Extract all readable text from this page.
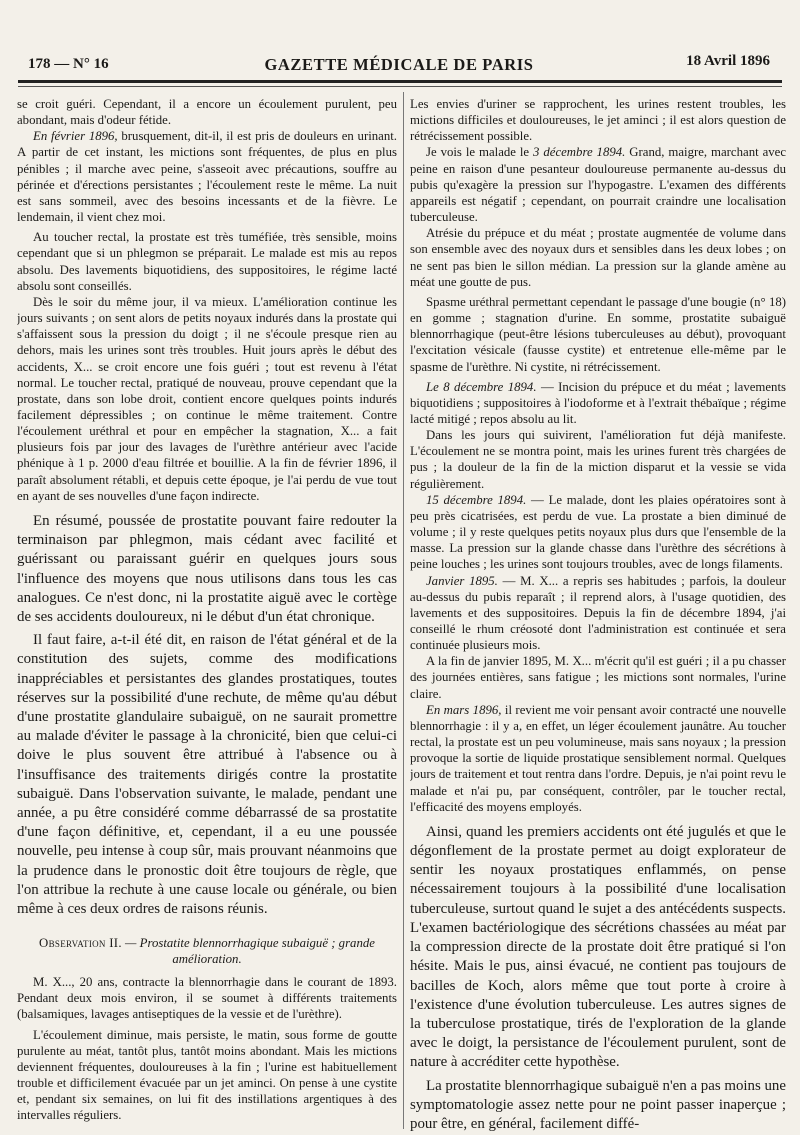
178 — N° 16	GAZETTE MÉDICALE DE PARIS	18 Avril 1896

se croit guéri. Cependant, il a encore un écoulement purulent, peu abondant, mais d'odeur fétide.

En février 1896, brusquement, dit-il, il est pris de douleurs en urinant. A partir de cet instant, les mictions sont fréquentes, de plus en plus pénibles ; il marche avec peine, s'asseoit avec précautions, souffre au périnée et d'érections persistantes ; l'écoulement reste le même. La nuit est sans sommeil, avec des besoins incessants et de la fièvre. Le lendemain, il vient chez moi.

Au toucher rectal, la prostate est très tuméfiée, très sensible, moins cependant que si un phlegmon se préparait. Le malade est mis au repos absolu. Des lavements biquotidiens, des suppositoires, le régime lacté absolu sont conseillés.

Dès le soir du même jour, il va mieux. L'amélioration continue les jours suivants ; on sent alors de petits noyaux indurés dans la prostate qui s'affaissent sous la pression du doigt ; il ne s'écoule presque rien au dehors, mais les urines sont très troubles. Huit jours après le début des accidents, X... se croit encore une fois guéri ; tout est revenu à l'état normal. Le toucher rectal, pratiqué de nouveau, prouve cependant que la prostate, dans son lobe droit, contient encore quelques points indurés facilement dépressibles ; on continue le même traitement. Contre l'écoulement uréthral et pour en empêcher la stagnation, X... a fait plusieurs fois par jour des lavages de l'urèthre antérieur avec l'acide phénique à 1 p. 2000 d'eau filtrée et bouillie. A la fin de février 1896, il paraît absolument rétabli, et depuis cette époque, je l'ai perdu de vue tout en ayant de ses nouvelles d'une façon indirecte.

En résumé, poussée de prostatite pouvant faire redouter la terminaison par phlegmon, mais cédant avec facilité et guérissant ou paraissant guérir en quelques jours sous l'influence des moyens que nous utilisons dans tous les cas analogues. Ce n'est donc, ni la prostatite aiguë avec le cortège de ses accidents douloureux, ni le début d'un état chronique.

Il faut faire, a-t-il été dit, en raison de l'état général et de la constitution des sujets, comme des modifications inappréciables et persistantes des glandes prostatiques, toutes réserves sur la possibilité d'une rechute, de même qu'au début d'une prostatite glandulaire subaiguë, on ne saurait promettre au malade d'éviter le passage à la chronicité, bien que celui-ci doive le plus souvent être attribué à l'absence ou à l'insuffisance des traitements dirigés contre la prostatite subaiguë. Dans l'observation suivante, le malade, pendant une année, a pu être considéré comme débarrassé de sa prostatite d'une façon définitive, et, cependant, il a eu une poussée nouvelle, peu intense à coup sûr, mais prouvant néanmoins que la prudence dans le pronostic doit être toujours de règle, que l'on attribue la rechute à une cause locale ou générale, ou bien même à ces deux ordres de raisons réunis.

Observation II. — Prostatite blennorrhagique subaiguë ; grande amélioration.

M. X..., 20 ans, contracte la blennorrhagie dans le courant de 1893. Pendant deux mois environ, il se soumet à différents traitements (balsamiques, lavages antiseptiques de la vessie et de l'urèthre).

L'écoulement diminue, mais persiste, le matin, sous forme de goutte purulente au méat, tantôt plus, tantôt moins abondant. Mais les mictions deviennent fréquentes, douloureuses à la fin ; l'urine est habituellement trouble et difficilement évacuée par un jet aminci. On pense à une cystite et, pendant six semaines, on lui fit des instillations argentiques à des intervalles réguliers.

Les envies d'uriner se rapprochent, les urines restent troubles, les mictions difficiles et douloureuses, le jet aminci ; il est alors question de rétrécissement possible.

Je vois le malade le 3 décembre 1894. Grand, maigre, marchant avec peine en raison d'une pesanteur douloureuse permanente au-dessus du pubis qu'exagère la pression sur l'hypogastre. L'examen des différents appareils est négatif ; cependant, on pourrait craindre une localisation tuberculeuse.

Atrésie du prépuce et du méat ; prostate augmentée de volume dans son ensemble avec des noyaux durs et sensibles dans les deux lobes ; on ne sent pas bien le sillon médian. La pression sur la glande amène au méat une goutte de pus.

Spasme uréthral permettant cependant le passage d'une bougie (n° 18) en gomme ; stagnation d'urine. En somme, prostatite subaiguë blennorrhagique (peut-être lésions tuberculeuses au début), provoquant l'excitation vésicale (fausse cystite) et entretenue elle-même par le spasme de l'urèthre. Ni cystite, ni rétrécissement.

Le 8 décembre 1894. — Incision du prépuce et du méat ; lavements biquotidiens ; suppositoires à l'iodoforme et à l'extrait thébaïque ; régime lacté mitigé ; repos absolu au lit.

Dans les jours qui suivirent, l'amélioration fut déjà manifeste. L'écoulement ne se montra point, mais les urines furent très chargées de pus ; la douleur de la fin de la miction disparut et la vessie se vida régulièrement.

15 décembre 1894. — Le malade, dont les plaies opératoires sont à peu près cicatrisées, est perdu de vue. La prostate a bien diminué de volume ; il y reste quelques petits noyaux plus durs que l'ensemble de la masse. La pression sur la glande chasse dans l'urèthre des sécrétions à peine louches ; les urines sont toujours troubles, avec de longs filaments.

Janvier 1895. — M. X... a repris ses habitudes ; parfois, la douleur au-dessus du pubis reparaît ; il reprend alors, à l'usage quotidien, des lavements et des suppositoires. Depuis la fin de décembre 1894, j'ai conseillé le rhum créosoté dont l'administration est continuée et sera continuée plusieurs mois.

A la fin de janvier 1895, M. X... m'écrit qu'il est guéri ; il a pu chasser des journées entières, sans fatigue ; les mictions sont normales, l'urine claire.

En mars 1896, il revient me voir pensant avoir contracté une nouvelle blennorrhagie : il y a, en effet, un léger écoulement jaunâtre. Au toucher rectal, la prostate est un peu volumineuse, mais sans noyaux ; la pression provoque la sortie de liquide prostatique sensiblement normal. Quelques jours de traitement et tout rentra dans l'ordre. Depuis, je n'ai point revu le malade et n'ai pu, par conséquent, contrôler, par le toucher rectal, l'efficacité des moyens employés.

Ainsi, quand les premiers accidents ont été jugulés et que le dégonflement de la prostate permet au doigt explorateur de sentir les noyaux prostatiques enflammés, on pense nécessairement toujours à la possibilité d'une localisation tuberculeuse, surtout quand le sujet a des antécédents suspects. L'examen bactériologique des sécrétions chassées au méat par la compression directe de la prostate doit être pratiqué si l'on hésite. Mais le pus, ainsi évacué, ne contient pas toujours de bacilles de Koch, alors même que tout porte à croire à l'existence d'une évolution tuberculeuse. Les autres signes de la tuberculose prostatique, tirés de l'exploration de la glande avec le doigt, la persistance de l'écoulement purulent, sont de nature à accréditer cette hypothèse.

La prostatite blennorrhagique subaiguë n'en a pas moins une symptomatologie assez nette pour ne point passer inaperçue ; pour être, en général, facilement diffé-
